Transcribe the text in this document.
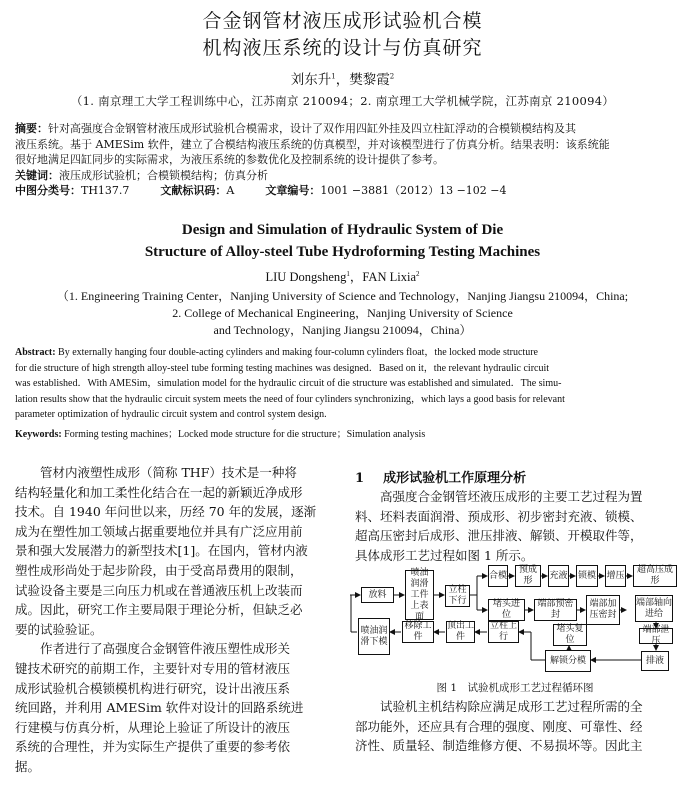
合金钢管材液压成形试验机合模
机构液压系统的设计与仿真研究
刘东升$^1$，樊黎霞$^2$
（1. 南京理工大学工程训练中心，江苏南京 210094；2. 南京理工大学机械学院，江苏南京 210094）
摘要：针对高强度合金钢管材液压成形试验机合模需求，设计了双作用四缸外挂及四立柱缸浮动的合模锁模结构及其
液压系统。基于 AMESim 软件，建立了合模结构液压系统的仿真模型，并对该模型进行了仿真分析。结果表明：该系统能
很好地满足四缸同步的实际需求，为液压系统的参数优化及控制系统的设计提供了参考。
关键词：液压成形试验机；合模锁模结构；仿真分析
中图分类号：TH137.7	文献标识码：A	文章编号：1001 −3881（2012）13 −102 −4
Design and Simulation of Hydraulic System of Die
Structure of Alloy-steel Tube Hydroforming Testing Machines
LIU Dongsheng$^1$，FAN Lixia$^2$
（1. Engineering Training Center，Nanjing University of Science and Technology，Nanjing Jiangsu 210094，China;
2. College of Mechanical Engineering，Nanjing University of Science
and Technology，Nanjing Jiangsu 210094，China）
Abstract: By externally hanging four double-acting cylinders and making four-column cylinders float，the locked mode structure
for die structure of high strength alloy-steel tube forming testing machines was designed．Based on it，the relevant hydraulic circuit
was established．With AMESim，simulation model for the hydraulic circuit of die structure was established and simulated．The simu-
lation results show that the hydraulic circuit system meets the need of four cylinders synchronizing，which lays a good basis for relevant
parameter optimization of hydraulic circuit system and control system design.
Keywords: Forming testing machines；Locked mode structure for die structure；Simulation analysis
　　管材内液塑性成形（简称 THF）技术是一种将
结构轻量化和加工柔性化结合在一起的新颖近净成形
技术。自 1940 年问世以来，历经 70 年的发展，逐渐
成为在塑性加工领域占据重要地位并具有广泛应用前
景和强大发展潜力的新型技术[1]。在国内，管材内液
塑性成形尚处于起步阶段，由于受高昂费用的限制，
试验设备主要是三向压力机或在普通液压机上改装而
成。因此，研究工作主要局限于理论分析，但缺乏必
要的试验验证。
　　作者进行了高强度合金钢管件液压塑性成形关
键技术研究的前期工作，主要针对专用的管材液压
成形试验机合模锁模机构进行研究，设计出液压系
统回路，并利用 AMESim 软件对设计的回路系统进
行建模与仿真分析，从理论上验证了所设计的液压
系统的合理性，并为实际生产提供了重要的参考依
据。
1 成形试验机工作原理分析
　　高强度合金钢管坯液压成形的主要工艺过程为置
料、坯料表面润滑、预成形、初步密封充液、锁模、
超高压密封后成形、泄压排液、解锁、开模取件等，
具体成形工艺过程如图 1 所示。
放料
喷油润滑工件上表面
立柱下行
合模
预成形
充液 锁模 增压
超高压成形
堵头进位
端部预密封
端部加压密封
端部轴向进给
端部泄压
排液
堵头复位
解锁分模
立柱上行
顶出工件
移除工件
喷油润滑下模
图 1　试验机成形工艺过程循环图
　　试验机主机结构除应满足成形工艺过程所需的全
部功能外，还应具有合理的强度、刚度、可靠性、经
济性、质量轻、制造维修方便、不易损坏等。因此主
